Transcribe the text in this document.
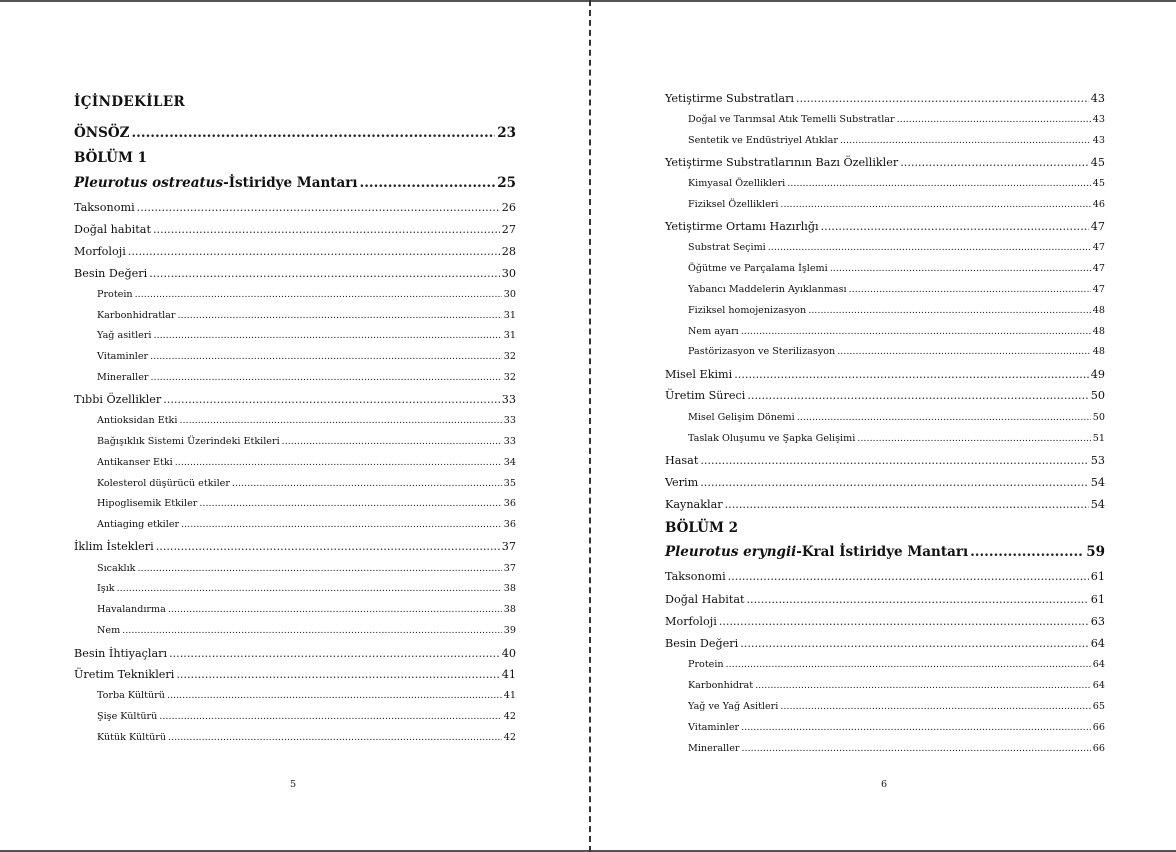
İÇİNDEKİLER
ÖNSÖZ .....	23
BÖLÜM 1
Pleurotus ostreatus-İstiridye Mantarı .....	25
Taksonomi .....	26
Doğal habitat .....	27
Morfoloji .....	28
Besin Değeri .....	30
Protein .....	30
Karbonhidratlar .....	31
Yağ asitleri .....	31
Vitaminler .....	32
Mineraller .....	32
Tıbbi Özellikler .....	33
Antioksidan Etki .....	33
Bağışıklık Sistemi Üzerindeki Etkileri .....	33
Antikanser Etki .....	34
Kolesterol düşürücü etkiler .....	35
Hipoglisemik Etkiler .....	36
Antiaging etkiler .....	36
İklim İstekleri .....	37
Sıcaklık .....	37
Işık .....	38
Havalandırma .....	38
Nem .....	39
Besin İhtiyaçları .....	40
Üretim Teknikleri .....	41
Torba Kültürü .....	41
Şişe Kültürü .....	42
Kütük Kültürü .....	42
5
Yetiştirme Substratları .....	43
Doğal ve Tarımsal Atık Temelli Substratlar .....	43
Sentetik ve Endüstriyel Atıklar .....	43
Yetiştirme Substratlarının Bazı Özellikler .....	45
Kimyasal Özellikleri .....	45
Fiziksel Özellikleri .....	46
Yetiştirme Ortamı Hazırlığı .....	47
Substrat Seçimi .....	47
Öğütme ve Parçalama İşlemi .....	47
Yabancı Maddelerin Ayıklanması .....	47
Fiziksel homojenizasyon .....	48
Nem ayarı .....	48
Pastörizasyon ve Sterilizasyon .....	48
Misel Ekimi .....	49
Üretim Süreci .....	50
Misel Gelişim Dönemi .....	50
Taslak Oluşumu ve Şapka Gelişimi .....	51
Hasat .....	53
Verim .....	54
Kaynaklar .....	54
BÖLÜM 2
Pleurotus eryngii-Kral İstiridye Mantarı .....	59
Taksonomi .....	61
Doğal Habitat .....	61
Morfoloji .....	63
Besin Değeri .....	64
Protein .....	64
Karbonhidrat .....	64
Yağ ve Yağ Asitleri .....	65
Vitaminler .....	66
Mineraller .....	66
6
